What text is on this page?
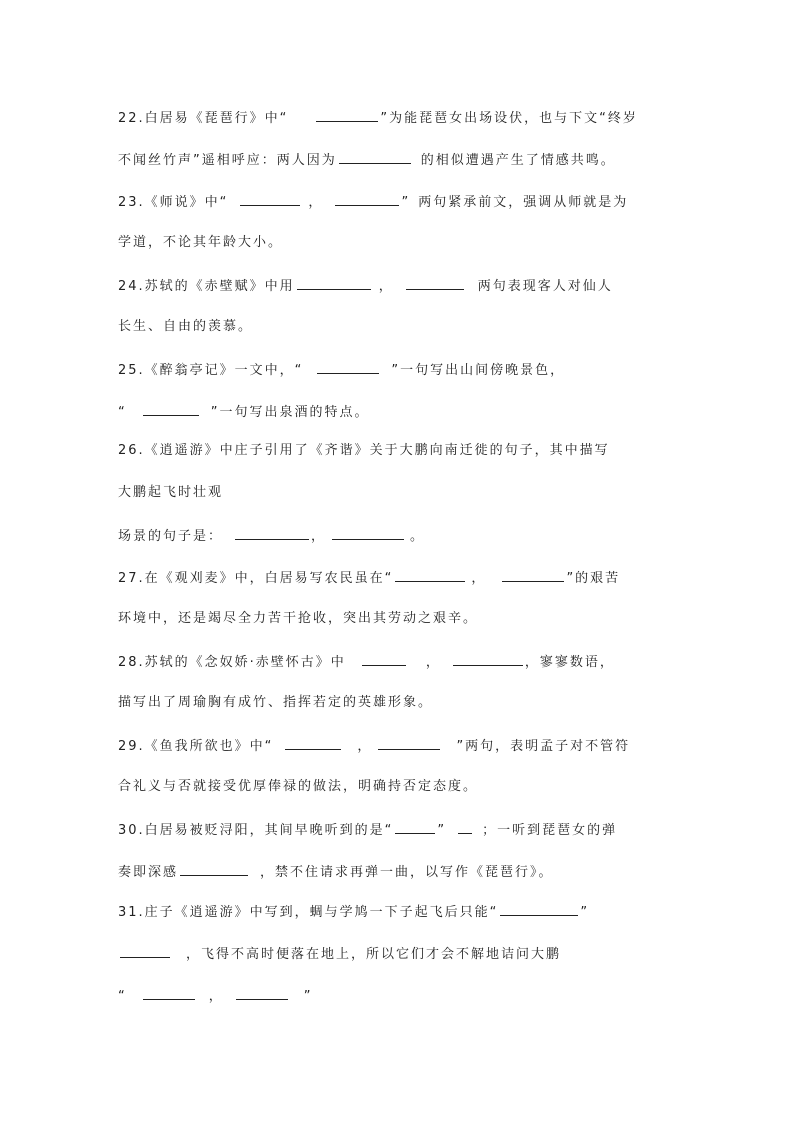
22.白居易《琵琶行》中“	”为能琵琶女出场设伏，也与下文“终岁
不闻丝竹声”遥相呼应：两人因为	的相似遭遇产生了情感共鸣。
23.《师说》中“	，	” 两句紧承前文，强调从师就是为
学道，不论其年龄大小。
24.苏轼的《赤壁赋》中用	，	两句表现客人对仙人
长生、自由的羡慕。
25.《醉翁亭记》一文中，“	”一句写出山间傍晚景色，
“	”一句写出泉酒的特点。
26.《逍遥游》中庄子引用了《齐谐》关于大鹏向南迁徙的句子，其中描写
大鹏起飞时壮观
场景的句子是：	，	。
27.在《观刈麦》中，白居易写农民虽在“	，	”的艰苦
环境中，还是竭尽全力苦干抢收，突出其劳动之艰辛。
28.苏轼的《念奴娇·赤壁怀古》中	，	，寥寥数语，
描写出了周瑜胸有成竹、指挥若定的英雄形象。
29.《鱼我所欲也》中“	，	”两句，表明孟子对不管符
合礼义与否就接受优厚俸禄的做法，明确持否定态度。
30.白居易被贬浔阳，其间早晚听到的是“	”	；一听到琵琶女的弹
奏即深感	，禁不住请求再弹一曲，以写作《琵琶行》。
31.庄子《逍遥游》中写到，蜩与学鸠一下子起飞后只能“	”
，飞得不高时便落在地上，所以它们才会不解地诘问大鹏
“	，	”
